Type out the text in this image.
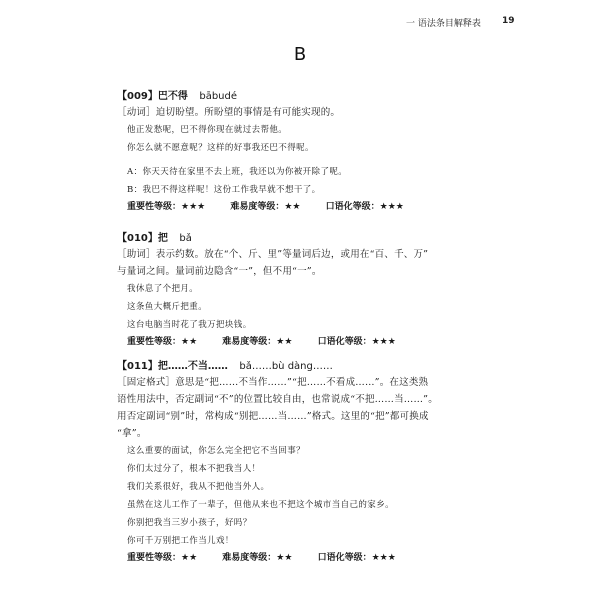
一 语法条目解释表 19
B
【009】巴不得 bābudé
［动词］迫切盼望。所盼望的事情是有可能实现的。
他正发愁呢，巴不得你现在就过去帮他。
你怎么就不愿意呢？这样的好事我还巴不得呢。
A：你天天待在家里不去上班，我还以为你被开除了呢。
B：我巴不得这样呢！这份工作我早就不想干了。
重要性等级：★★★	难易度等级：★★	口语化等级：★★★
【010】把 bǎ
［助词］表示约数。放在“个、斤、里”等量词后边，或用在“百、千、万”
与量词之间。量词前边隐含“一”，但不用“一”。
我休息了个把月。
这条鱼大概斤把重。
这台电脑当时花了我万把块钱。
重要性等级：★★	难易度等级：★★	口语化等级：★★★
【011】把……不当…… bǎ……bù dàng……
［固定格式］意思是“把……不当作……”“把……不看成……”。在这类熟
语性用法中，否定副词“不”的位置比较自由，也常说成“不把……当……”。
用否定副词“别”时，常构成“别把……当……”格式。这里的“把”都可换成
“拿”。
这么重要的面试，你怎么完全把它不当回事？
你们太过分了，根本不把我当人！
我们关系很好，我从不把他当外人。
虽然在这儿工作了一辈子，但他从来也不把这个城市当自己的家乡。
你别把我当三岁小孩子，好吗？
你可千万别把工作当儿戏！
重要性等级：★★	难易度等级：★★	口语化等级：★★★
